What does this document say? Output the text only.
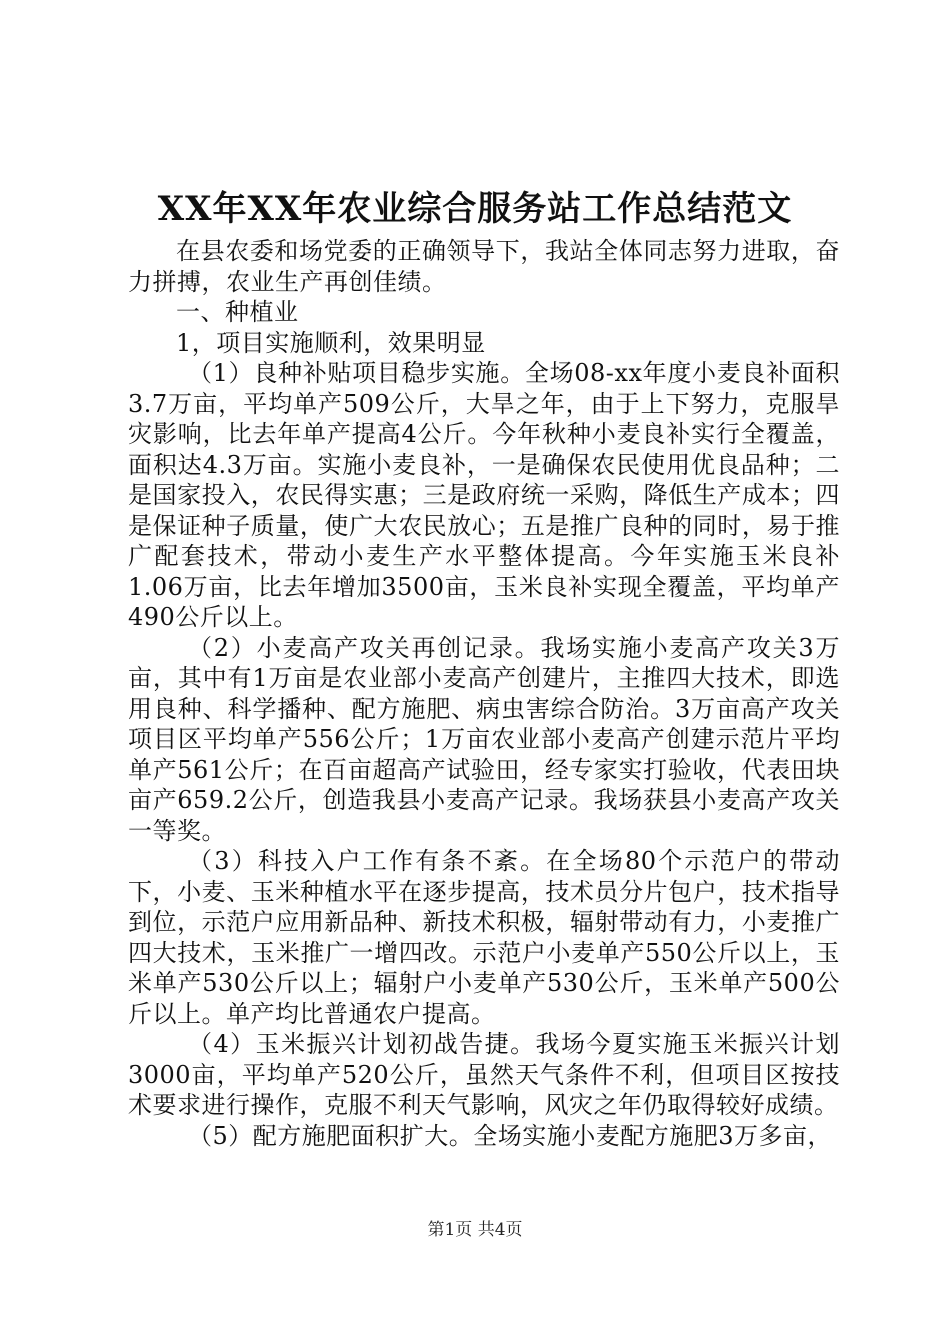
XX年XX年农业综合服务站工作总结范文

在县农委和场党委的正确领导下，我站全体同志努力进取，奋力拼搏，农业生产再创佳绩。

一、种植业

1，项目实施顺利，效果明显

（1）良种补贴项目稳步实施。全场08-xx年度小麦良补面积3.7万亩，平均单产509公斤，大旱之年，由于上下努力，克服旱灾影响，比去年单产提高4公斤。今年秋种小麦良补实行全覆盖，面积达4.3万亩。实施小麦良补，一是确保农民使用优良品种；二是国家投入，农民得实惠；三是政府统一采购，降低生产成本；四是保证种子质量，使广大农民放心；五是推广良种的同时，易于推广配套技术，带动小麦生产水平整体提高。今年实施玉米良补1.06万亩，比去年增加3500亩，玉米良补实现全覆盖，平均单产490公斤以上。

（2）小麦高产攻关再创记录。我场实施小麦高产攻关3万亩，其中有1万亩是农业部小麦高产创建片，主推四大技术，即选用良种、科学播种、配方施肥、病虫害综合防治。3万亩高产攻关项目区平均单产556公斤；1万亩农业部小麦高产创建示范片平均单产561公斤；在百亩超高产试验田，经专家实打验收，代表田块亩产659.2公斤，创造我县小麦高产记录。我场获县小麦高产攻关一等奖。

（3）科技入户工作有条不紊。在全场80个示范户的带动下，小麦、玉米种植水平在逐步提高，技术员分片包户，技术指导到位，示范户应用新品种、新技术积极，辐射带动有力，小麦推广四大技术，玉米推广一增四改。示范户小麦单产550公斤以上，玉米单产530公斤以上；辐射户小麦单产530公斤，玉米单产500公斤以上。单产均比普通农户提高。

（4）玉米振兴计划初战告捷。我场今夏实施玉米振兴计划3000亩，平均单产520公斤，虽然天气条件不利，但项目区按技术要求进行操作，克服不利天气影响，风灾之年仍取得较好成绩。

（5）配方施肥面积扩大。全场实施小麦配方施肥3万多亩，

第1页 共4页
